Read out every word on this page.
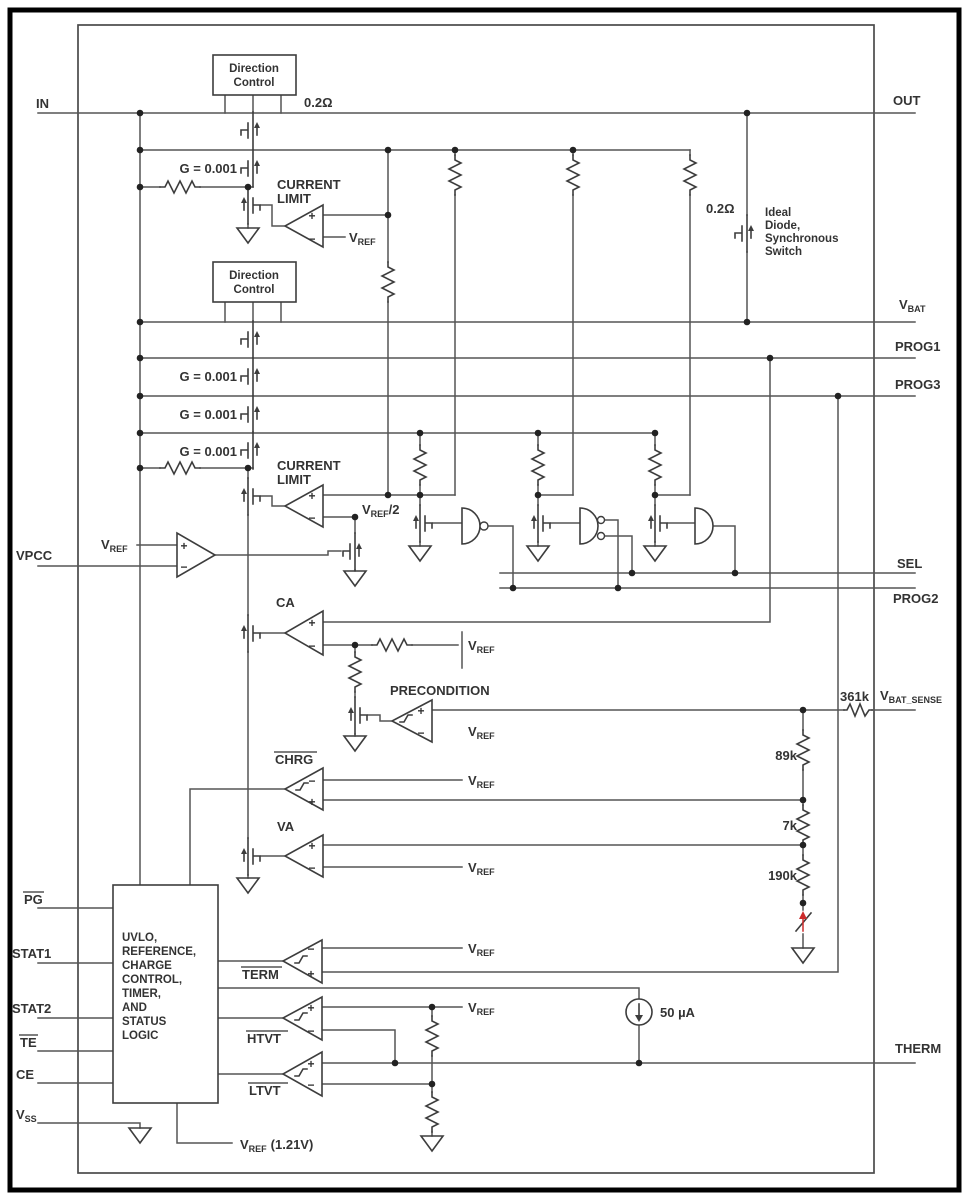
IN
VPCC
PG
STAT1
STAT2
TE
CE
$V_{SS}$
OUT
$V_{BAT}$
PROG1
PROG3
SEL
PROG2
$V_{BAT\_SENSE}$
THERM
Direction
Control
Direction
Control
0.2Ω
0.2Ω
G = 0.001
G = 0.001
G = 0.001
G = 0.001
CURRENT
LIMIT
CURRENT
LIMIT
CA
PRECONDITION
CHRG
VA
TERM
HTVT
LTVT
Ideal
Diode,
Synchronous
Switch
$V_{REF}$
$V_{REF}/2$
$V_{REF}$
$V_{REF}$
$V_{REF}$
$V_{REF}$
$V_{REF}$
$V_{REF}$
$V_{REF}$
$V_{REF}$ (1.21V)
361k
89k
7k
190k
50 µA
UVLO,
REFERENCE,
CHARGE
CONTROL,
TIMER,
AND
STATUS
LOGIC
+
−
+
−
+
−
+
−
+
−
−
+
+
−
−
+
+
−
+
−
